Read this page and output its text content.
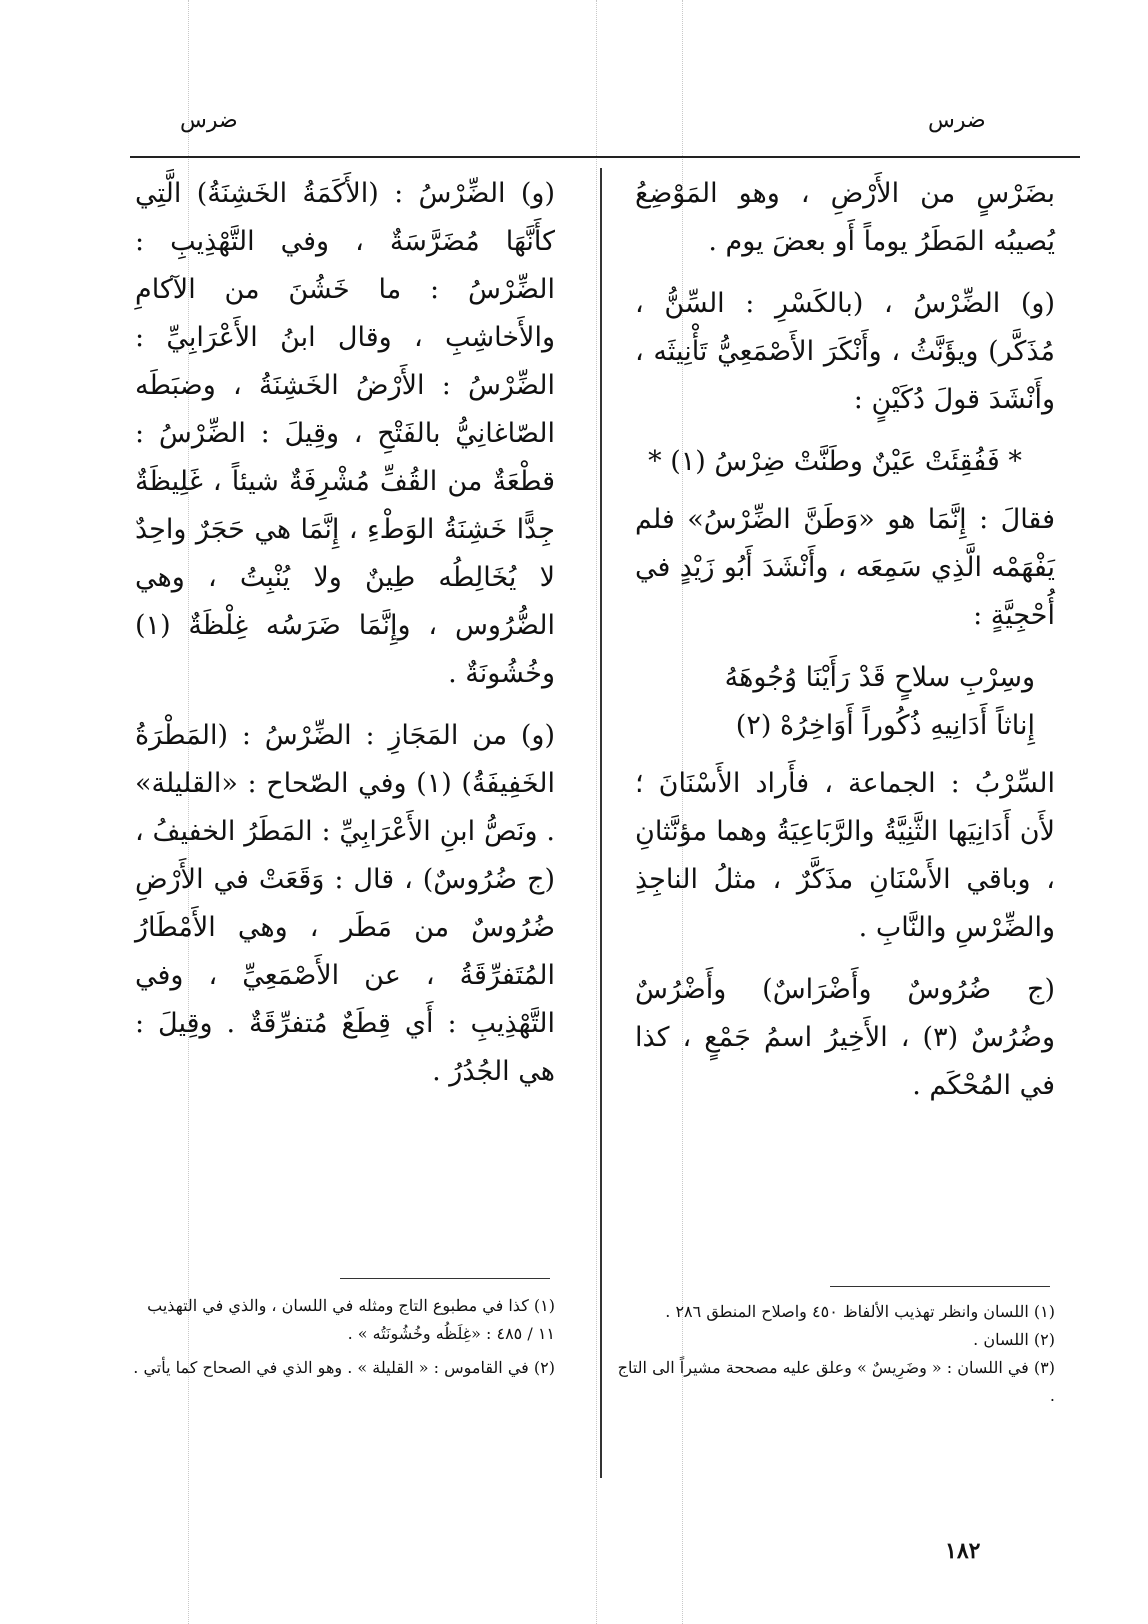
ضرس
ضرس

بضَرْسٍ من الأَرْضِ ، وهو المَوْضِعُ يُصيبُه المَطَرُ يوماً أَو بعضَ يوم .

(و) الضِّرْسُ ، (بالكَسْرِ : السِّنُّ ، مُذَكَّر) ويؤَنَّثُ ، وأَنْكَرَ الأَصْمَعِيُّ تَأْنِيثَه ، وأَنْشَدَ قولَ دُكَيْنٍ :

* فَفُقِئَتْ عَيْنٌ وطَنَّتْ ضِرْسُ (١) *

فقالَ : إِنَّمَا هو «وَطَنَّ الضِّرْسُ» فلم يَفْهَمْه الَّذِي سَمِعَه ، وأَنْشَدَ أَبُو زَيْدٍ في أُحْجِيَّةٍ :

وسِرْبِ سلاحٍ قَدْ رَأَيْنَا وُجُوهَهُ

إِناثاً أَدَانِيهِ ذُكُوراً أَوَاخِرُهْ (٢)

السِّرْبُ : الجماعة ، فأَراد الأَسْنَانَ ؛ لأَن أَدَانِيَها الثَّنِيَّةُ والرَّبَاعِيَةُ وهما مؤنَّثانِ ، وباقي الأَسْنَانِ مذَكَّرٌ ، مثلُ الناجِذِ والضِّرْسِ والنَّابِ .

(ج ضُرُوسٌ وأَضْرَاسٌ) وأَضْرُسٌ وضُرُسٌ (٣) ، الأَخِيرُ اسمُ جَمْعٍ ، كذا في المُحْكَم .

(و) الضِّرْسُ : (الأَكَمَةُ الخَشِنَةُ) الَّتِي كأَنَّهَا مُضَرَّسَةٌ ، وفي التَّهْذِيبِ : الضِّرْسُ : ما خَشُنَ من الآكامِ والأَخاشِبِ ، وقال ابنُ الأَعْرَابِيِّ : الضِّرْسُ : الأَرْضُ الخَشِنَةُ ، وضبَطَه الصّاغانِيُّ بالفَتْحِ ، وقِيلَ : الضِّرْسُ : قطْعَةٌ من القُفِّ مُشْرِفَةٌ شيئاً ، غَلِيظَةٌ جِدًّا خَشِنَةُ الوَطْءِ ، إِنَّمَا هي حَجَرٌ واحِدٌ لا يُخَالِطُه طِينٌ ولا يُنْبِتُ ، وهي الضُّرُوس ، وإِنَّمَا ضَرَسُه غِلْظَةٌ (١) وخُشُونَةٌ .

(و) من المَجَازِ : الضِّرْسُ : (المَطْرَةُ الخَفِيفَةُ) (١) وفي الصّحاح : «القليلة» . ونَصُّ ابنِ الأَعْرَابِيِّ : المَطَرُ الخفيفُ ، (ج ضُرُوسٌ) ، قال : وَقَعَتْ في الأَرْضِ ضُرُوسٌ من مَطَر ، وهي الأَمْطَارُ المُتَفرِّقَةُ ، عن الأَصْمَعِيِّ ، وفي التَّهْذِيبِ : أَي قِطَعٌ مُتفرِّقَةٌ . وقِيلَ : هي الجُدُرُ .

(١) اللسان وانظر تهذيب الألفاظ ٤٥٠ واصلاح المنطق ٢٨٦ .

(٢) اللسان .

(٣) في اللسان : « وضَرِيسٌ » وعلق عليه مصححة مشيراً الى التاج .

(١) كذا في مطبوع التاج ومثله في اللسان ، والذي في التهذيب ١١ / ٤٨٥ : «غِلَظُه وخُشُونَتُه » .

(٢) في القاموس : « القليلة » . وهو الذي في الصحاح كما يأتي .

١٨٢
